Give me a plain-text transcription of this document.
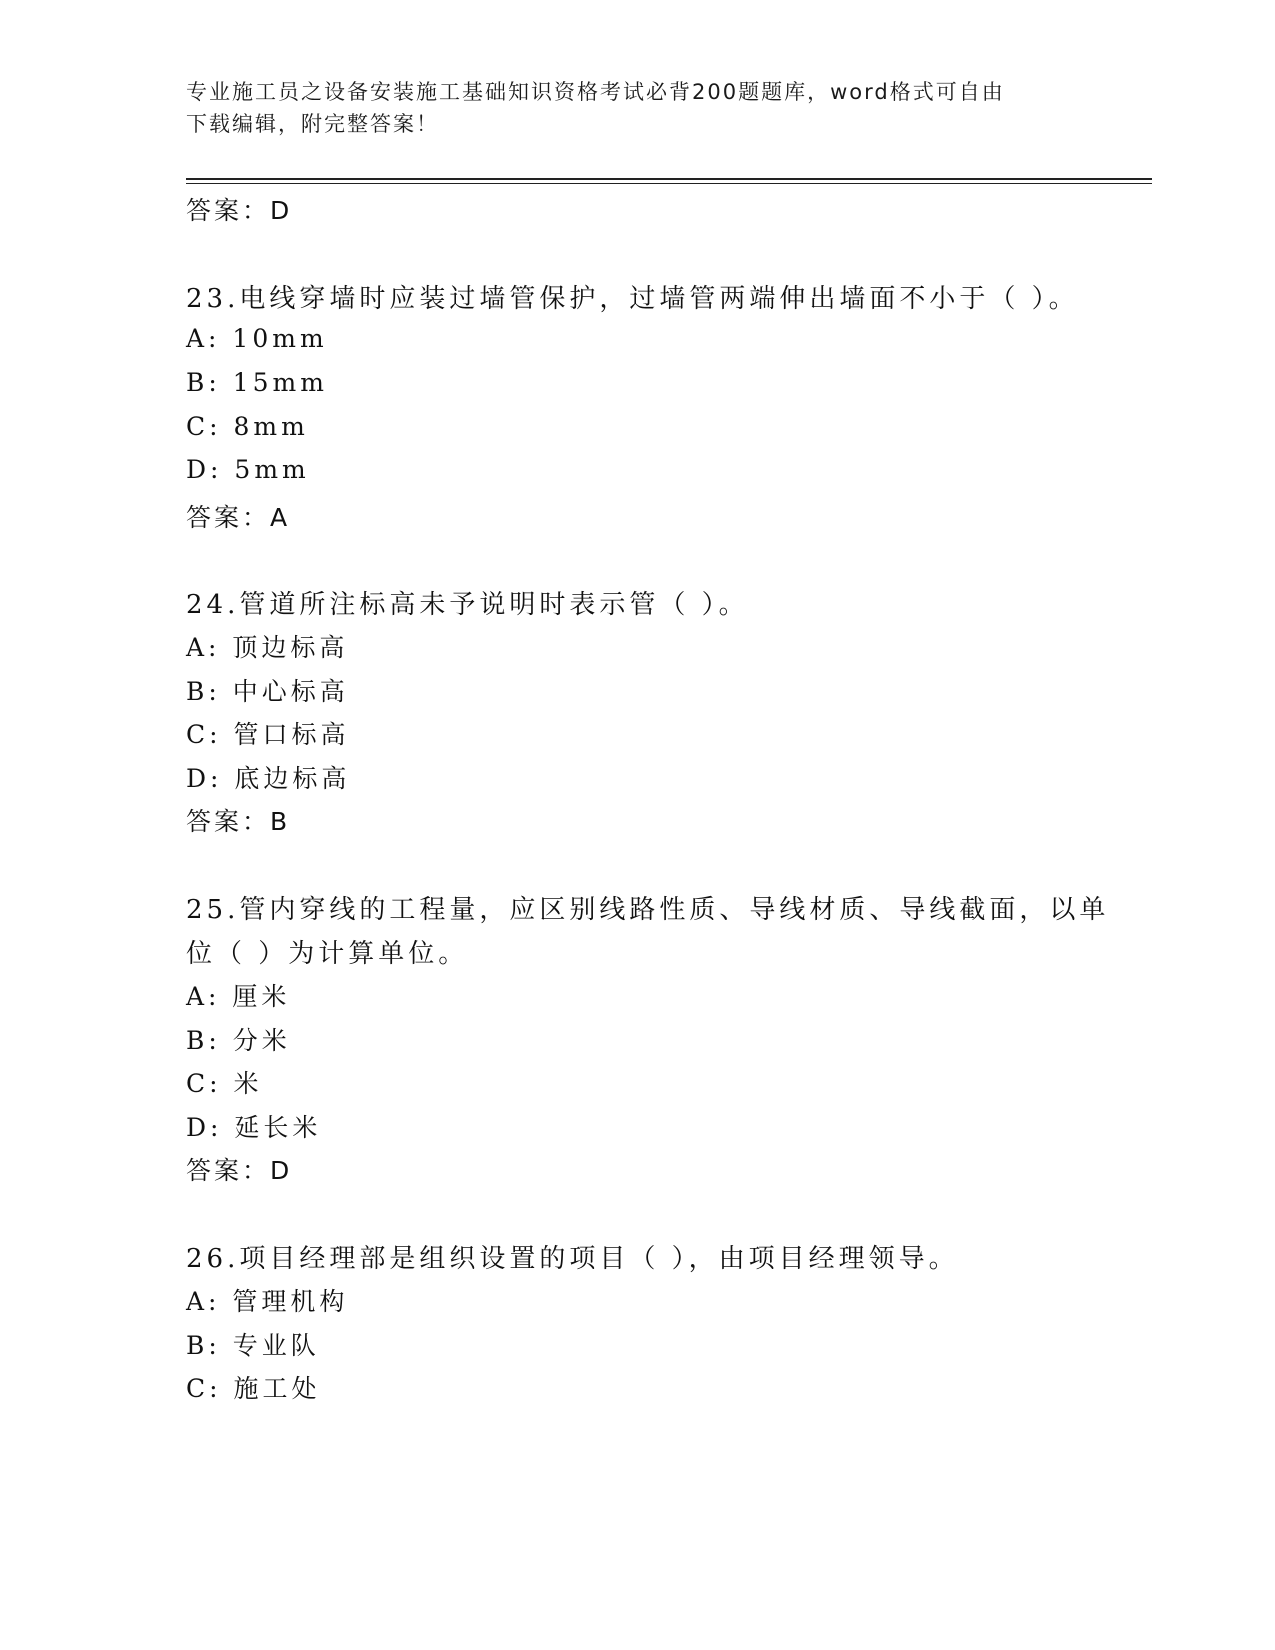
专业施工员之设备安装施工基础知识资格考试必背200题题库，word格式可自由
下载编辑，附完整答案！
答案：D
23.电线穿墙时应装过墙管保护，过墙管两端伸出墙面不小于（ ）。
A: 10mm
B: 15mm
C: 8mm
D: 5mm
答案：A
24.管道所注标高未予说明时表示管（ ）。
A: 顶边标高
B: 中心标高
C: 管口标高
D: 底边标高
答案：B
25.管内穿线的工程量，应区别线路性质、导线材质、导线截面，以单
位（ ）为计算单位。
A: 厘米
B: 分米
C: 米
D: 延长米
答案：D
26.项目经理部是组织设置的项目（ ），由项目经理领导。
A: 管理机构
B: 专业队
C: 施工处
